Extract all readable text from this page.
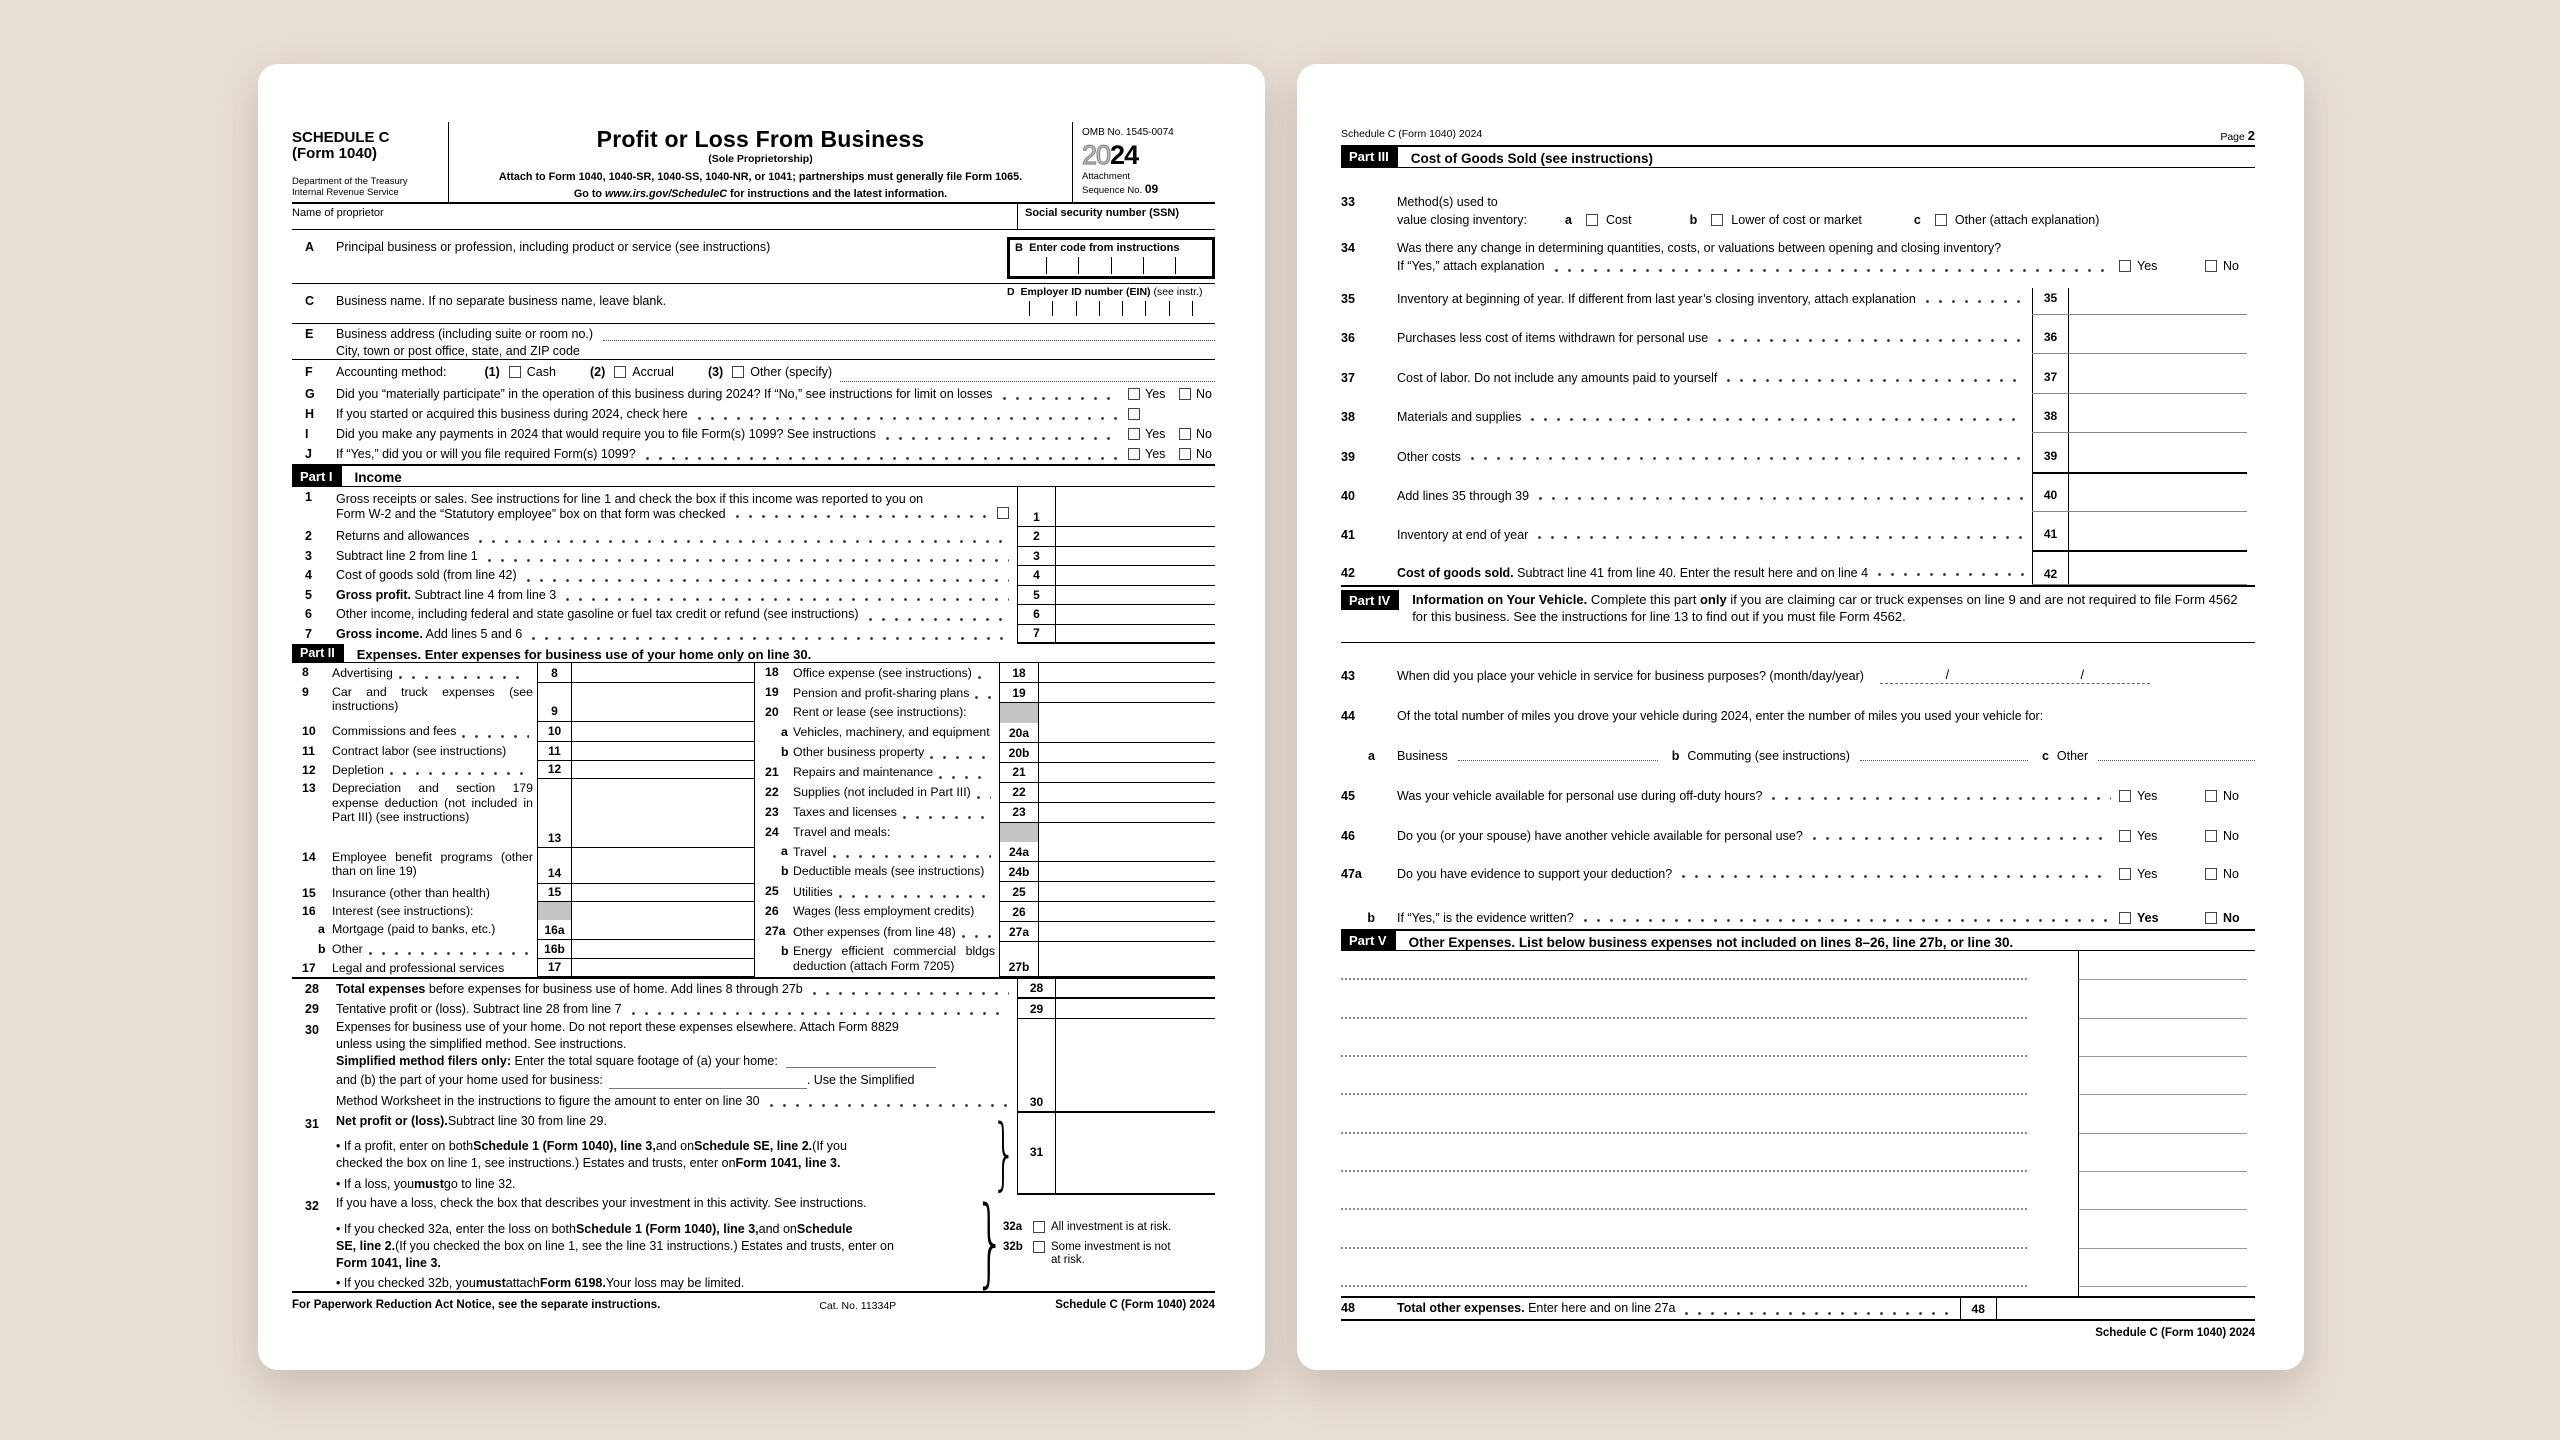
SCHEDULE C
(Form 1040)
Department of the Treasury
Internal Revenue Service
Profit or Loss From Business
(Sole Proprietorship)
Attach to Form 1040, 1040-SR, 1040-SS, 1040-NR, or 1041; partnerships must generally file Form 1065.
Go to www.irs.gov/ScheduleC for instructions and the latest information.
OMB No. 1545-0074
2024
Attachment
Sequence No. 09
Name of proprietor	Social security number (SSN)
A	Principal business or profession, including product or service (see instructions)	B Enter code from instructions
C	Business name. If no separate business name, leave blank.
D Employer ID number (EIN) (see instr.)
E	Business address (including suite or room no.)
City, town or post office, state, and ZIP code
F	Accounting method:	(1) Cash	(2) Accrual	(3) Other (specify)
G	Did you “materially participate” in the operation of this business during 2024? If “No,” see instructions for limit on losses	Yes No
H	If you started or acquired this business during 2024, check here
I	Did you make any payments in 2024 that would require you to file Form(s) 1099? See instructions	Yes No
J	If “Yes,” did you or will you file required Form(s) 1099?	Yes No
Part I	Income
1	Gross receipts or sales. See instructions for line 1 and check the box if this income was reported to you on
Form W-2 and the “Statutory employee” box on that form was checked	1
2	Returns and allowances	2
3	Subtract line 2 from line 1	3
4	Cost of goods sold (from line 42)	4
5	Gross profit. Subtract line 4 from line 3	5
6	Other income, including federal and state gasoline or fuel tax credit or refund (see instructions)	6
7	Gross income. Add lines 5 and 6	7
Part II	Expenses. Enter expenses for business use of your home only on line 30.
8	Advertising	8
9	Car and truck expenses (see instructions)	9
10	Commissions and fees	10
11	Contract labor (see instructions)	11
12	Depletion	12
13	Depreciation and section 179 expense deduction (not included in Part III) (see instructions)
13
14	Employee benefit programs (other than on line 19)	14
15	Insurance (other than health)	15
16	Interest (see instructions):
a Mortgage (paid to banks, etc.)	16a
b Other	16b
17	Legal and professional services	17
18	Office expense (see instructions)	18
19	Pension and profit-sharing plans	19
20	Rent or lease (see instructions):
a Vehicles, machinery, and equipment	20a
b Other business property	20b
21	Repairs and maintenance	21
22	Supplies (not included in Part III)	22
23	Taxes and licenses	23
24	Travel and meals:
a Travel	24a
b Deductible meals (see instructions)	24b
25	Utilities	25
26	Wages (less employment credits)	26
27a Other expenses (from line 48)	27a
b Energy efficient commercial bldgs deduction (attach Form 7205)	27b
28	Total expenses before expenses for business use of home. Add lines 8 through 27b	28
29	Tentative profit or (loss). Subtract line 28 from line 7	29
30	Expenses for business use of your home. Do not report these expenses elsewhere. Attach Form 8829
unless using the simplified method. See instructions.
Simplified method filers only: Enter the total square footage of (a) your home:
and (b) the part of your home used for business:	. Use the Simplified
Method Worksheet in the instructions to figure the amount to enter on line 30	30
31	Net profit or (loss). Subtract line 30 from line 29.
• If a profit, enter on both Schedule 1 (Form 1040), line 3, and on Schedule SE, line 2. (If you
checked the box on line 1, see instructions.) Estates and trusts, enter on Form 1041, line 3.
• If a loss, you must go to line 32.	}	31
32	If you have a loss, check the box that describes your investment in this activity. See instructions.
• If you checked 32a, enter the loss on both Schedule 1 (Form 1040), line 3, and on Schedule
SE, line 2. (If you checked the box on line 1, see the line 31 instructions.) Estates and trusts, enter on
Form 1041, line 3.
• If you checked 32b, you must attach Form 6198. Your loss may be limited. }
32a	All investment is at risk.
32b	Some investment is not
at risk.
For Paperwork Reduction Act Notice, see the separate instructions.	Cat. No. 11334P	Schedule C (Form 1040) 2024
Schedule C (Form 1040) 2024	Page 2
Part III	Cost of Goods Sold (see instructions)
33	Method(s) used to
value closing inventory:	a	Cost	b	Lower of cost or market	c	Other (attach explanation)
34	Was there any change in determining quantities, costs, or valuations between opening and closing inventory?
If “Yes,” attach explanation	Yes	No
35	Inventory at beginning of year. If different from last year’s closing inventory, attach explanation	35
36	Purchases less cost of items withdrawn for personal use	36
37	Cost of labor. Do not include any amounts paid to yourself	37
38	Materials and supplies	38
39	Other costs	39
40	Add lines 35 through 39	40
41	Inventory at end of year	41
42	Cost of goods sold. Subtract line 41 from line 40. Enter the result here and on line 4	42
Part IV	Information on Your Vehicle. Complete this part only if you are claiming car or truck expenses on line 9 and are not required to file Form 4562 for this business. See the instructions for line 13 to find out if you must file Form 4562.
43	When did you place your vehicle in service for business purposes? (month/day/year)	/	/
44	Of the total number of miles you drove your vehicle during 2024, enter the number of miles you used your vehicle for:
a	Business	b Commuting (see instructions)	c Other
45	Was your vehicle available for personal use during off-duty hours?	Yes	No
46	Do you (or your spouse) have another vehicle available for personal use?	Yes	No
47a	Do you have evidence to support your deduction?	Yes	No
b	If “Yes,” is the evidence written?	Yes	No
Part V	Other Expenses. List below business expenses not included on lines 8–26, line 27b, or line 30.
48	Total other expenses. Enter here and on line 27a	48
Schedule C (Form 1040) 2024
